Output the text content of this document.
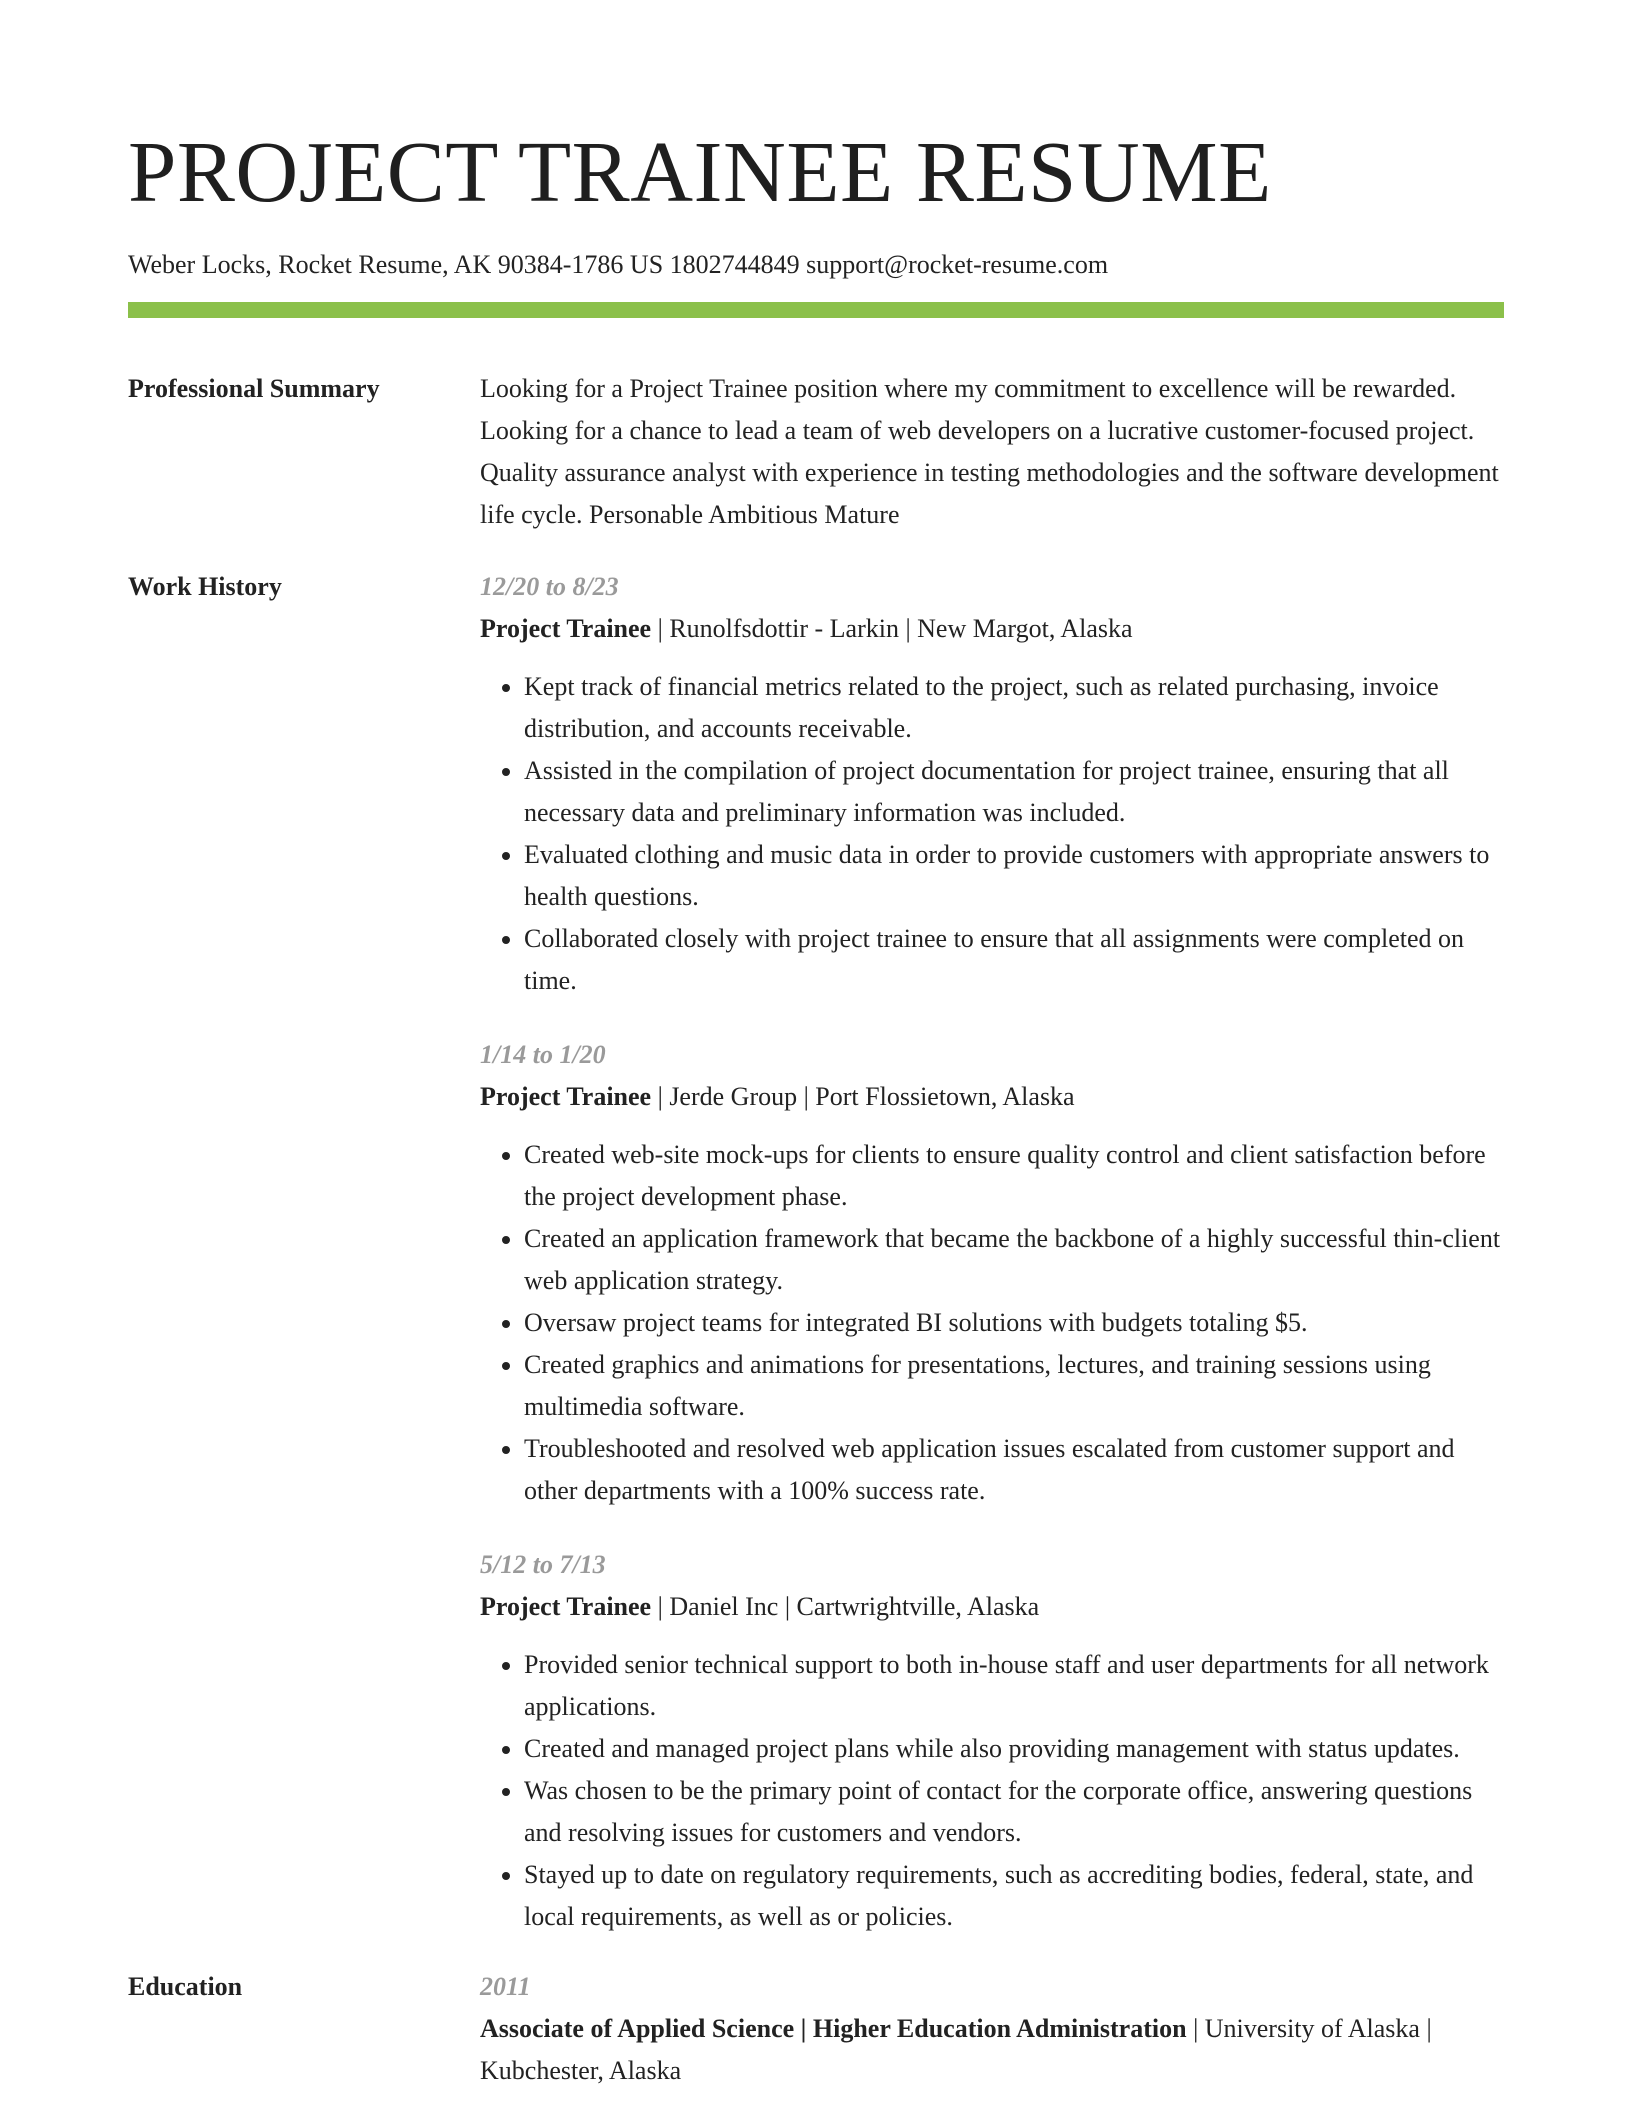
PROJECT TRAINEE RESUME
Weber Locks, Rocket Resume, AK 90384-1786 US 1802744849 support@rocket-resume.com
Professional Summary	Looking for a Project Trainee position where my commitment to excellence will be rewarded. Looking for a chance to lead a team of web developers on a lucrative customer-focused project. Quality assurance analyst with experience in testing methodologies and the software development life cycle. Personable Ambitious Mature
Work History	12/20 to 8/23
Project Trainee | Runolfsdottir - Larkin | New Margot, Alaska
• Kept track of financial metrics related to the project, such as related purchasing, invoice distribution, and accounts receivable.
• Assisted in the compilation of project documentation for project trainee, ensuring that all necessary data and preliminary information was included.
• Evaluated clothing and music data in order to provide customers with appropriate answers to health questions.
• Collaborated closely with project trainee to ensure that all assignments were completed on time.
1/14 to 1/20
Project Trainee | Jerde Group | Port Flossietown, Alaska
• Created web-site mock-ups for clients to ensure quality control and client satisfaction before the project development phase.
• Created an application framework that became the backbone of a highly successful thin-client web application strategy.
• Oversaw project teams for integrated BI solutions with budgets totaling $5.
• Created graphics and animations for presentations, lectures, and training sessions using multimedia software.
• Troubleshooted and resolved web application issues escalated from customer support and other departments with a 100% success rate.
5/12 to 7/13
Project Trainee | Daniel Inc | Cartwrightville, Alaska
• Provided senior technical support to both in-house staff and user departments for all network applications.
• Created and managed project plans while also providing management with status updates.
• Was chosen to be the primary point of contact for the corporate office, answering questions and resolving issues for customers and vendors.
• Stayed up to date on regulatory requirements, such as accrediting bodies, federal, state, and local requirements, as well as or policies.
Education	2011
Associate of Applied Science | Higher Education Administration | University of Alaska | Kubchester, Alaska
